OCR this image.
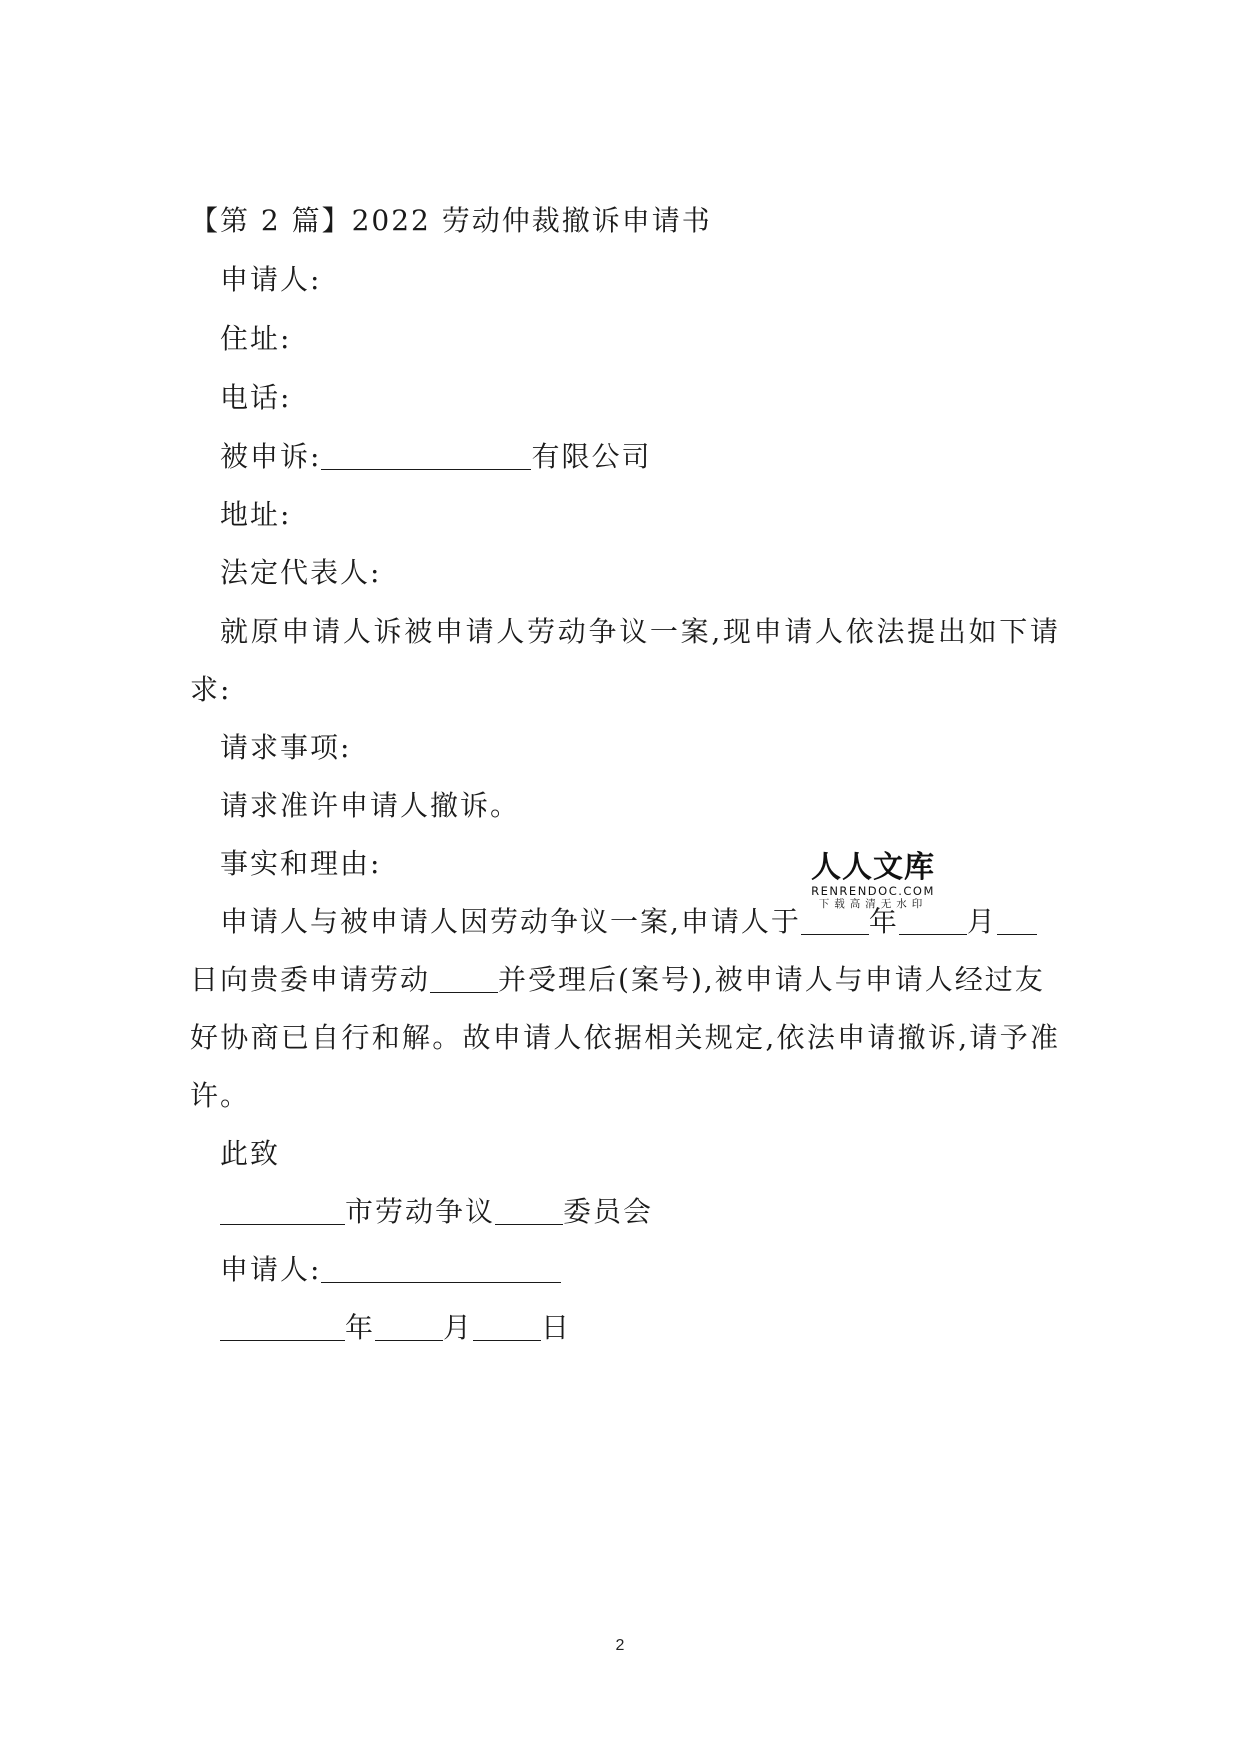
【第 2 篇】2022 劳动仲裁撤诉申请书
申请人:
住址:
电话:
被申诉:	有限公司
地址:
法定代表人:
就原申请人诉被申请人劳动争议一案,现申请人依法提出如下请
求:
请求事项:
请求准许申请人撤诉。
事实和理由:
申请人与被申请人因劳动争议一案,申请人于 年 月
日向贵委申请劳动 并受理后(案号),被申请人与申请人经过友
好协商已自行和解。故申请人依据相关规定,依法申请撤诉,请予准
许。
此致
市劳动争议 委员会
申请人:
年 月 日
人人文库
RENRENDOC.COM
下载高清无水印
2
